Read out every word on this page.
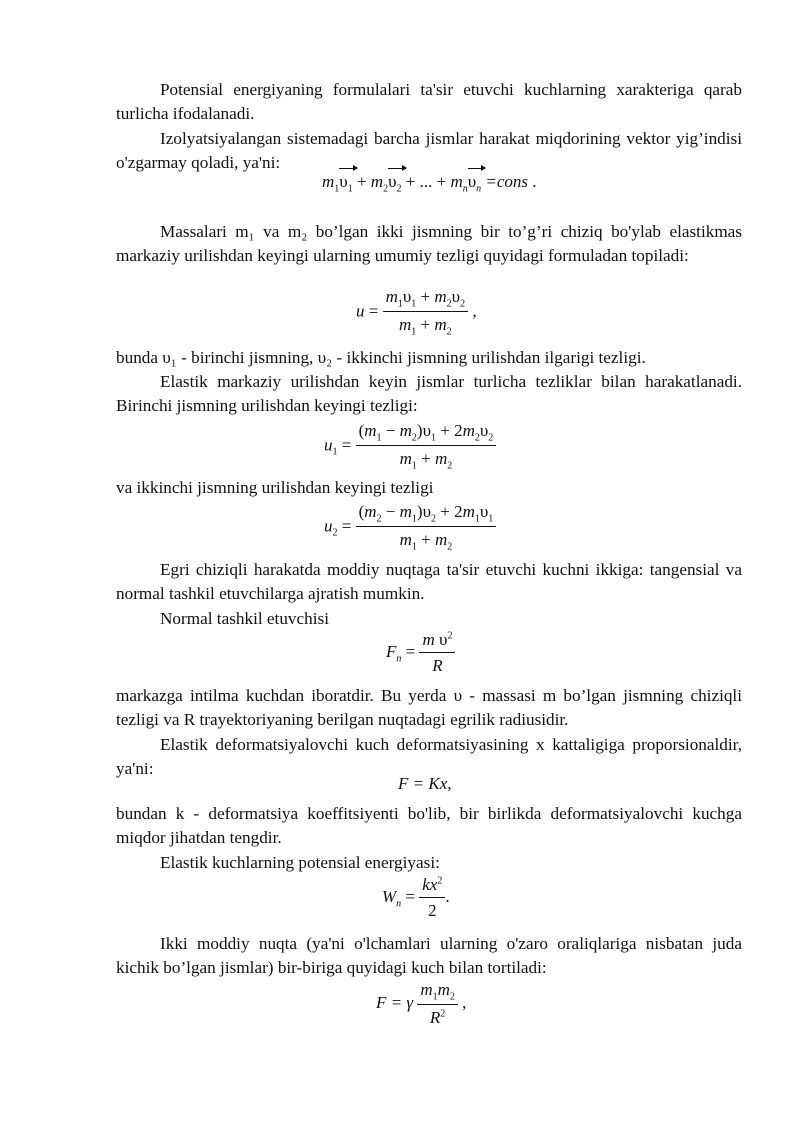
Potensial energiyaning formulalari ta'sir etuvchi kuchlarning xarakteriga qarab turlicha ifodalanadi.

Izolyatsiyalangan sistemadagi barcha jismlar harakat miqdorining vektor yig’indisi o'zgarmay qoladi, ya'ni:

$m_1\upsilon_1 + m_2\upsilon_2$ + ... + $m_n\upsilon_n$ =cons .

Massalari m₁ va m₂ bo’lgan ikki jismning bir to’g’ri chiziq bo'ylab elastikmas markaziy urilishdan keyingi ularning umumiy tezligi quyidagi formuladan topiladi:

$u = \frac{m_1\upsilon_1 + m_2\upsilon_2}{m_1 + m_2}$ ,

bunda υ₁ - birinchi jismning, υ₂ - ikkinchi jismning urilishdan ilgarigi tezligi.

Elastik markaziy urilishdan keyin jismlar turlicha tezliklar bilan harakatlanadi. Birinchi jismning urilishdan keyingi tezligi:

$u_1 = \frac{(m_1 - m_2)\upsilon_1 + 2m_2\upsilon_2}{m_1 + m_2}$

va ikkinchi jismning urilishdan keyingi tezligi

$u_2 = \frac{(m_2 - m_1)\upsilon_2 + 2m_1\upsilon_1}{m_1 + m_2}$

Egri chiziqli harakatda moddiy nuqtaga ta'sir etuvchi kuchni ikkiga: tangensial va normal tashkil etuvchilarga ajratish mumkin.

Normal tashkil etuvchisi

$F_n = \frac{m \upsilon^2}{R}$

markazga intilma kuchdan iboratdir. Bu yerda υ - massasi m bo’lgan jismning chiziqli tezligi va R trayektoriyaning berilgan nuqtadagi egrilik radiusidir.

Elastik deformatsiyalovchi kuch deformatsiyasining x kattaligiga proporsionaldir, ya'ni:

F = Kx,

bundan k - deformatsiya koeffitsiyenti bo'lib, bir birlikda deformatsiyalovchi kuchga miqdor jihatdan tengdir.

Elastik kuchlarning potensial energiyasi:

$W_n = \frac{kx^2}{2}$ .

Ikki moddiy nuqta (ya'ni o'lchamlari ularning o'zaro oraliqlariga nisbatan juda kichik bo’lgan jismlar) bir-biriga quyidagi kuch bilan tortiladi:

F = γ $\frac{m_1m_2}{R^2}$ ,
